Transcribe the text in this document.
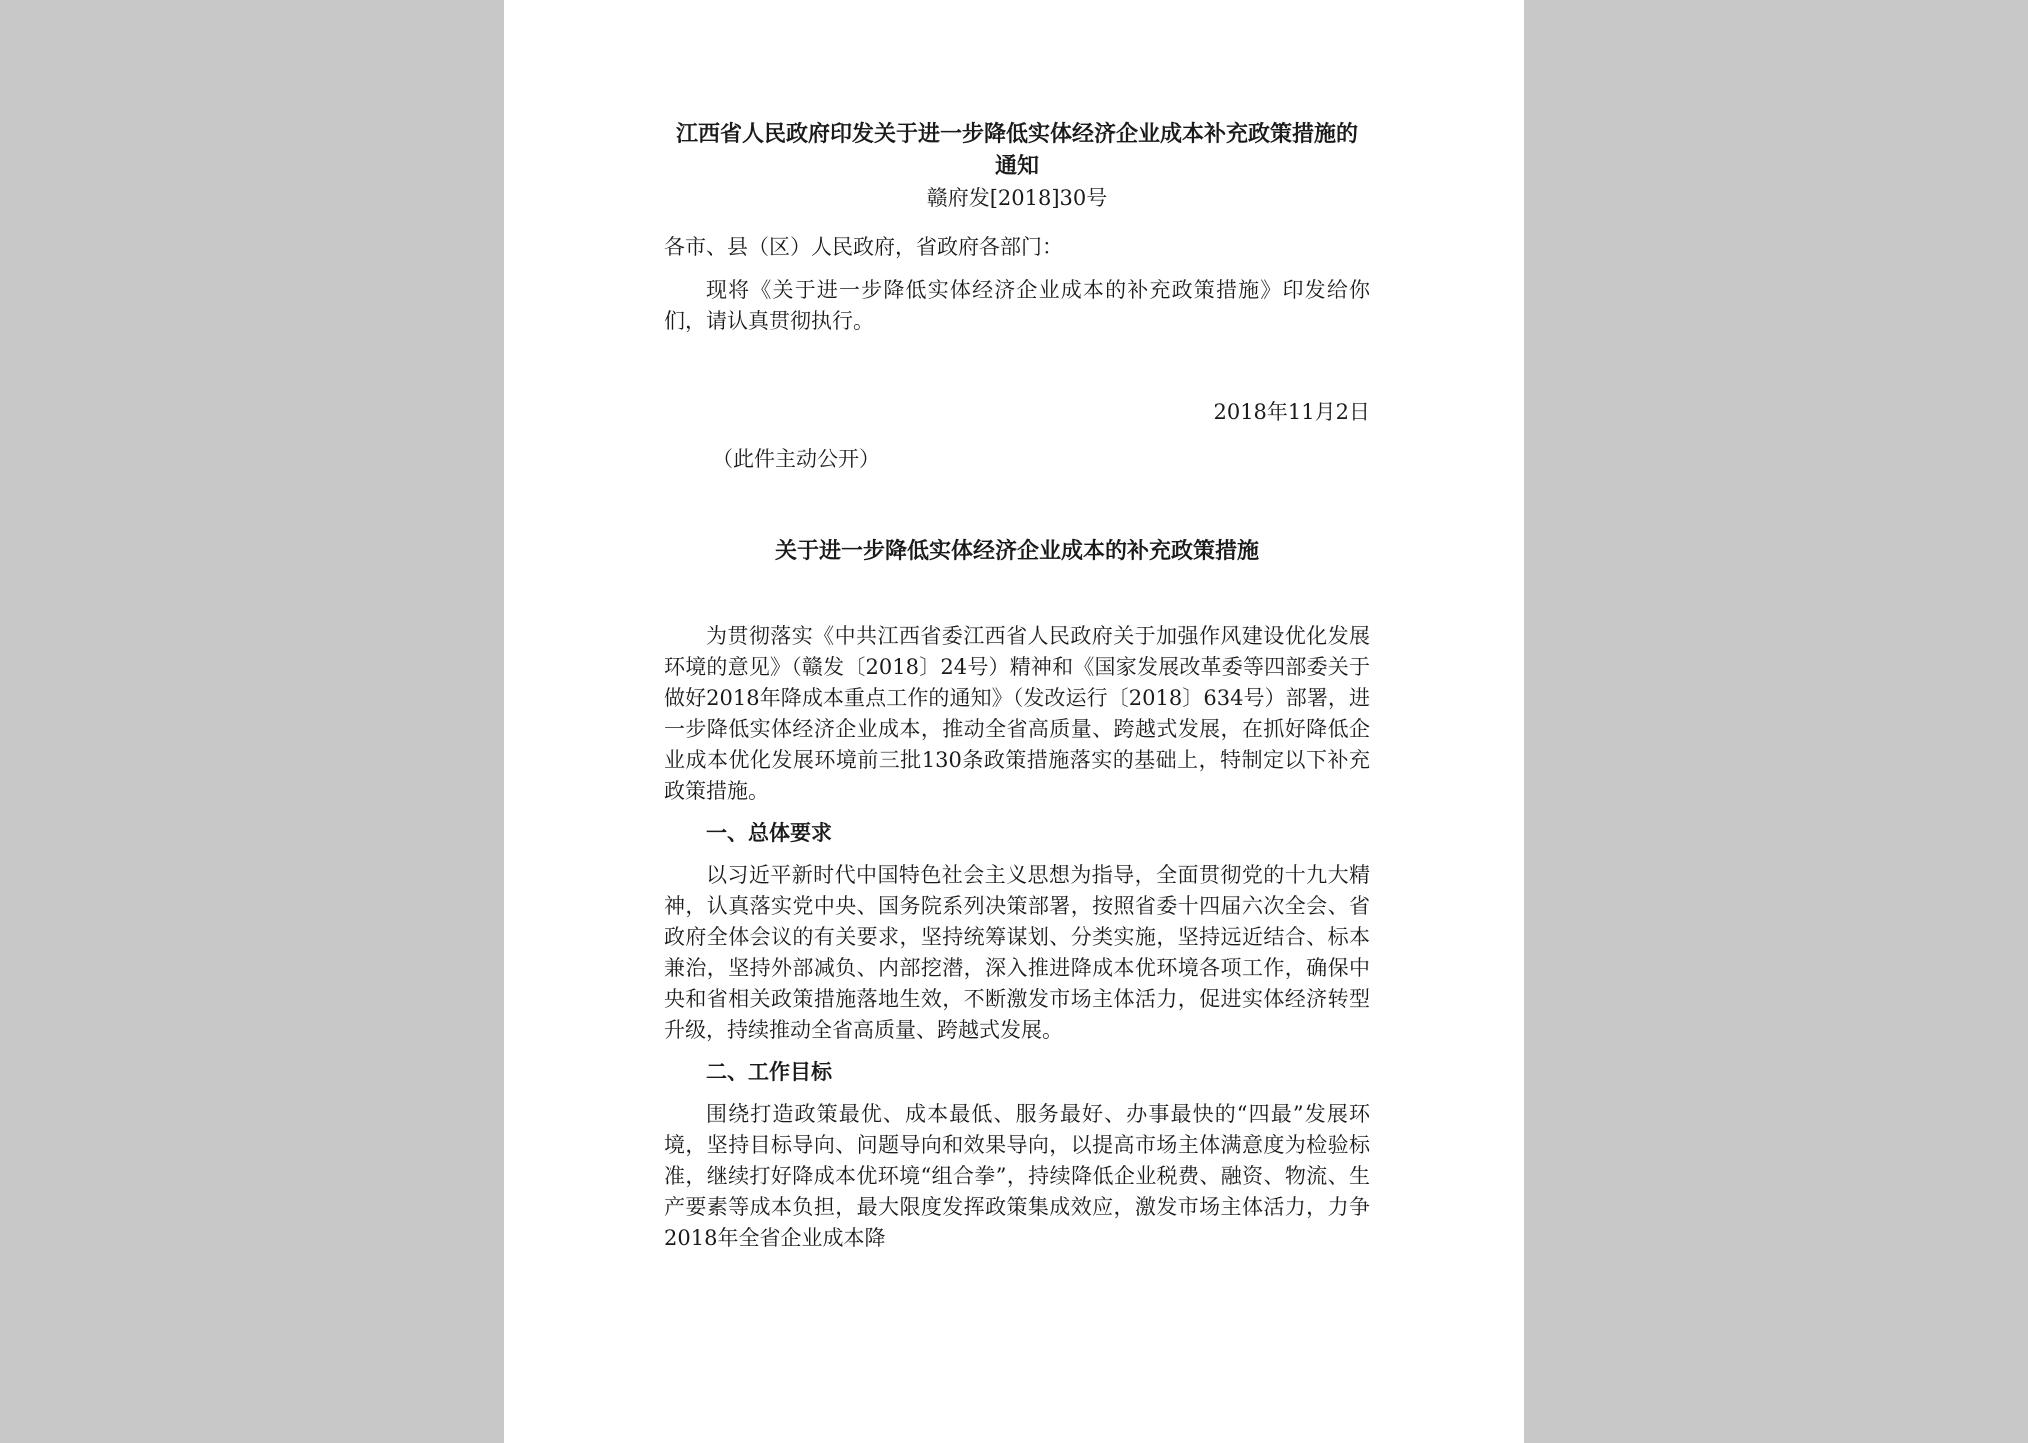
江西省人民政府印发关于进一步降低实体经济企业成本补充政策措施的通知
赣府发[2018]30号

各市、县（区）人民政府，省政府各部门：

现将《关于进一步降低实体经济企业成本的补充政策措施》印发给你们，请认真贯彻执行。

2018年11月2日

（此件主动公开）

关于进一步降低实体经济企业成本的补充政策措施

为贯彻落实《中共江西省委江西省人民政府关于加强作风建设优化发展环境的意见》（赣发〔2018〕24号）精神和《国家发展改革委等四部委关于做好2018年降成本重点工作的通知》（发改运行〔2018〕634号）部署，进一步降低实体经济企业成本，推动全省高质量、跨越式发展，在抓好降低企业成本优化发展环境前三批130条政策措施落实的基础上，特制定以下补充政策措施。

一、总体要求

以习近平新时代中国特色社会主义思想为指导，全面贯彻党的十九大精神，认真落实党中央、国务院系列决策部署，按照省委十四届六次全会、省政府全体会议的有关要求，坚持统筹谋划、分类实施，坚持远近结合、标本兼治，坚持外部减负、内部挖潜，深入推进降成本优环境各项工作，确保中央和省相关政策措施落地生效，不断激发市场主体活力，促进实体经济转型升级，持续推动全省高质量、跨越式发展。

二、工作目标

围绕打造政策最优、成本最低、服务最好、办事最快的“四最”发展环境，坚持目标导向、问题导向和效果导向，以提高市场主体满意度为检验标准，继续打好降成本优环境“组合拳”，持续降低企业税费、融资、物流、生产要素等成本负担，最大限度发挥政策集成效应，激发市场主体活力，力争2018年全省企业成本降
